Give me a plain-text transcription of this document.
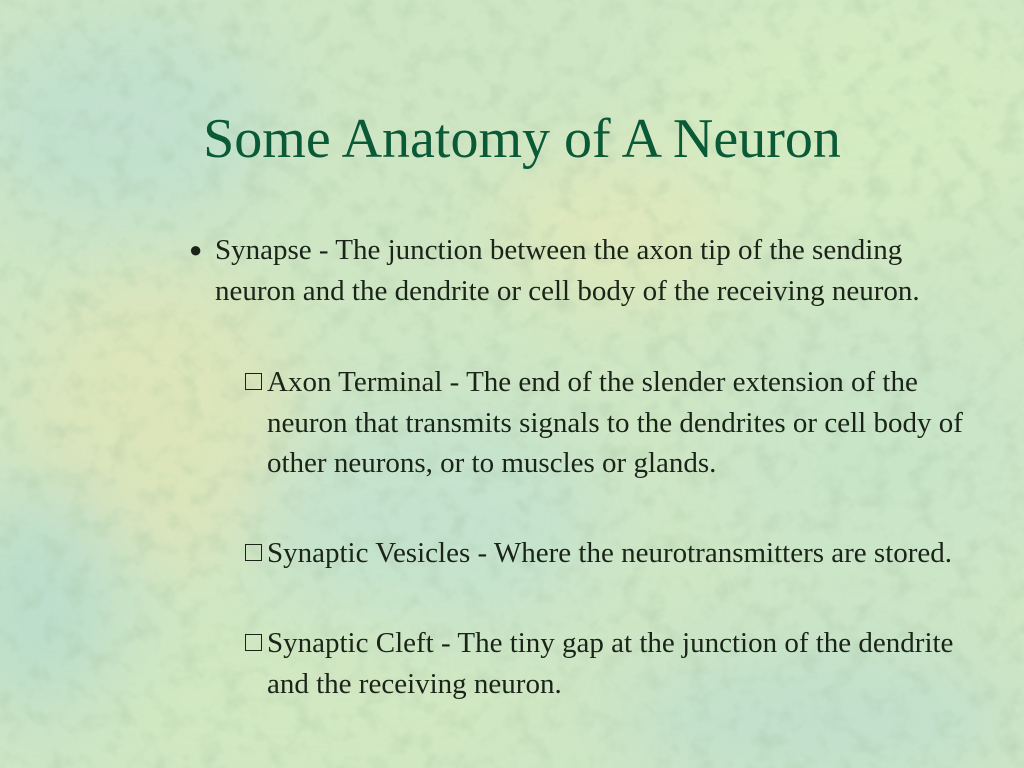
Some Anatomy of A Neuron
● Synapse - The junction between the axon tip of the sending neuron and the dendrite or cell body of the receiving neuron.
Axon Terminal - The end of the slender extension of the neuron that transmits signals to the dendrites or cell body of other neurons, or to muscles or glands.
Synaptic Vesicles - Where the neurotransmitters are stored.
Synaptic Cleft - The tiny gap at the junction of the dendrite and the receiving neuron.
